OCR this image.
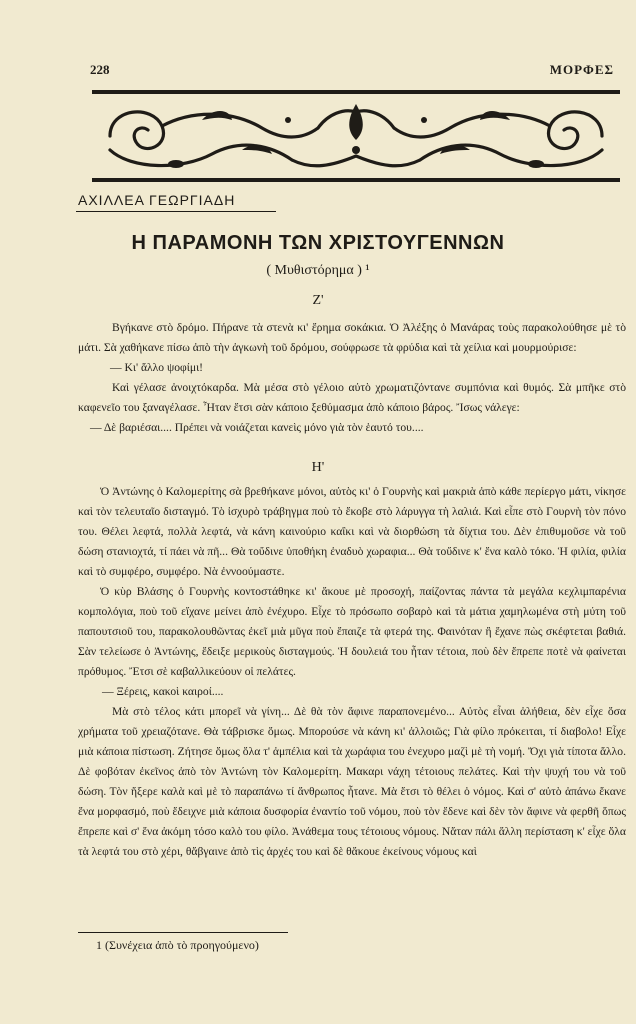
228	ΜΟΡΦΕΣ
ΑΧΙΛΛΕΑ ΓΕΩΡΓΙΑΔΗ
Η ΠΑΡΑΜΟΝΗ ΤΩΝ ΧΡΙΣΤΟΥΓΕΝΝΩΝ
( Μυθιστόρημα ) ¹
Ζ'

Βγήκανε στὸ δρόμο. Πήρανε τὰ στενὰ κι' ἔρημα σοκάκια. Ὁ Ἀλέξης ὁ Μανάρας τοὺς παρακολούθησε μὲ τὸ μάτι. Σὰ χαθήκανε πίσω ἀπὸ τὴν ἀγκωνὴ τοῦ δρόμου, σούφρωσε τὰ φρύδια καὶ τὰ χείλια καὶ μουρμούρισε:

— Κι' ἄλλο ψοφίμι!

Καὶ γέλασε ἀνοιχτόκαρδα. Μὰ μέσα στὸ γέλοιο αὐτὸ χρωματιζόντανε συμπόνια καὶ θυμός. Σὰ μπῆκε στὸ καφενεῖο του ξαναγέλασε. Ἦταν ἔτσι σὰν κάποιο ξεθύμασμα ἀπὸ κάποιο βάρος. Ἴσως νάλεγε:

— Δὲ βαριέσαι.... Πρέπει νὰ νοιάζεται κανεὶς μόνο γιὰ τὸν ἑαυτό του....

Η'

Ὁ Ἀντώνης ὁ Καλομερίτης σὰ βρεθήκανε μόνοι, αὐτὸς κι' ὁ Γουρνὴς καὶ μακριὰ ἀπὸ κάθε περίεργο μάτι, νίκησε καὶ τὸν τελευταῖο δισταγμό. Τὸ ἰσχυρὸ τράβηγμα ποὺ τὸ ἔκοβε στὸ λάρυγγα τὴ λαλιά. Καὶ εἶπε στὸ Γουρνὴ τὸν πόνο του. Θέλει λεφτά, πολλὰ λεφτά, νὰ κάνη καινούριο καΐκι καὶ νὰ διορθώση τὰ δίχτια του. Δὲν ἐπιθυμοῦσε νὰ τοῦ δώση στανιοχτά, τί πάει νὰ πῆ... Θὰ τοὔδινε ὑποθήκη ἐναδυὸ χωραφια... Θὰ τοὔδινε κ' ἕνα καλὸ τόκο. Ἡ φιλία, φιλία καὶ τὸ συμφέρο, συμφέρο. Νὰ ἐννοούμαστε.

Ὁ κὺρ Βλάσης ὁ Γουρνὴς κοντοστάθηκε κι' ἄκουε μὲ προσοχή, παίζοντας πάντα τὰ μεγάλα κεχλιμπαρένια κομπολόγια, ποὺ τοῦ εἴχανε μείνει ἀπὸ ἐνέχυρο. Εἶχε τὸ πρόσωπο σοβαρὸ καὶ τὰ μάτια χαμηλωμένα στὴ μύτη τοῦ παπουτσιοῦ του, παρακολουθῶντας ἐκεῖ μιὰ μῦγα ποὺ ἔπαιζε τὰ φτερά της. Φαινόταν ἢ ἔχανε πὼς σκέφτεται βαθιά. Σὰν τελείωσε ὁ Ἀντώνης, ἔδειξε μερικοὺς δισταγμούς. Ἡ δουλειά του ἦταν τέτοια, ποὺ δὲν ἔπρεπε ποτὲ νὰ φαίνεται πρόθυμος. Ἔτσι σὲ καβαλλικεύουν οἱ πελάτες.

— Ξέρεις, κακοὶ καιροί....

Μὰ στὸ τέλος κάτι μπορεῖ νὰ γίνη... Δὲ θὰ τὸν ἄφινε παραπονεμένο... Αὐτὸς εἶναι ἀλήθεια, δὲν εἶχε ὅσα χρήματα τοῦ χρειαζότανε. Θὰ τάβρισκε ὅμως. Μπορούσε νὰ κάνη κι' ἀλλοιῶς; Γιὰ φίλο πρόκειται, τί διαβολο! Εἶχε μιὰ κάποια πίστωση. Ζήτησε ὅμως ὅλα τ' ἀμπέλια καὶ τὰ χωράφια του ἐνεχυρο μαζὶ μὲ τὴ νομή. Ὄχι γιὰ τίποτα ἄλλο. Δὲ φοβόταν ἐκεῖνος ἀπὸ τὸν Ἀντώνη τὸν Καλομερίτη. Μακαρι νάχη τέτοιους πελάτες. Καὶ τὴν ψυχή του νὰ τοῦ δώση. Τὸν ἤξερε καλὰ καὶ μὲ τὸ παραπάνω τί ἄνθρωπος ἦτανε. Μὰ ἔτσι τὸ θέλει ὁ νόμος. Καὶ σ' αὐτὸ ἀπάνω ἔκανε ἕνα μορφασμό, ποὺ ἔδειχνε μιὰ κάποια δυσφορία ἐναντίο τοῦ νόμου, ποὺ τὸν ἔδενε καὶ δὲν τὸν ἄφινε νὰ φερθῆ ὅπως ἔπρεπε καὶ σ' ἕνα ἀκόμη τόσο καλὸ του φίλο. Ἀνάθεμα τους τέτοιους νόμους. Νἄταν πάλι ἄλλη περίσταση κ' εἶχε ὅλα τὰ λεφτά του στὸ χέρι, θἄβγαινε ἀπὸ τὶς ἀρχές του καὶ δὲ θἄκουε ἐκείνους νόμους καὶ

1 (Συνέχεια ἀπὸ τὸ προηγούμενο)
